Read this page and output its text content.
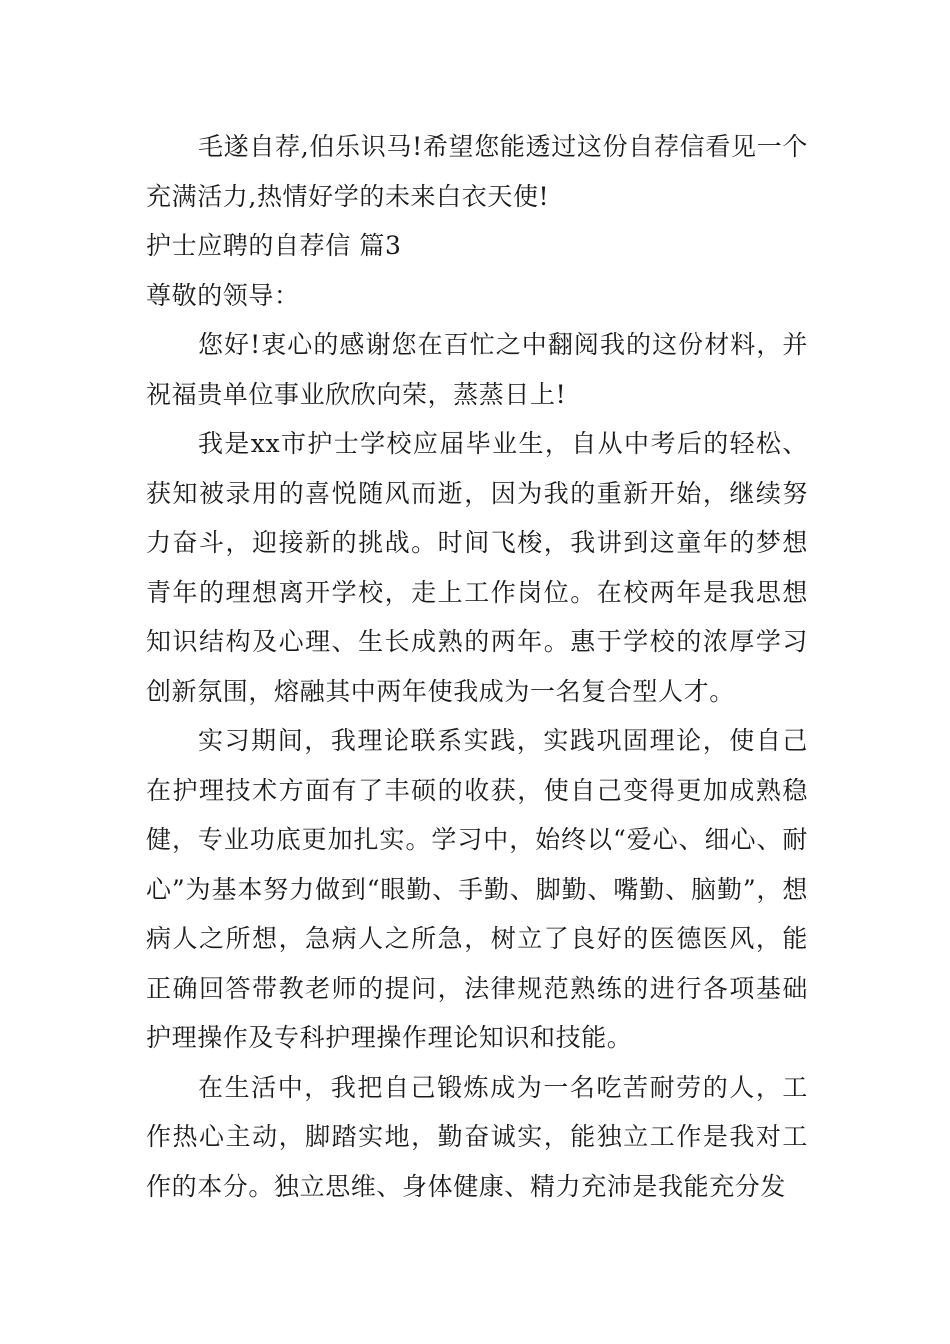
毛遂自荐,伯乐识马!希望您能透过这份自荐信看见一个充满活力,热情好学的未来白衣天使!

护士应聘的自荐信 篇3

尊敬的领导：

您好!衷心的感谢您在百忙之中翻阅我的这份材料，并祝福贵单位事业欣欣向荣，蒸蒸日上!

我是xx市护士学校应届毕业生，自从中考后的轻松、获知被录用的喜悦随风而逝，因为我的重新开始，继续努力奋斗，迎接新的挑战。时间飞梭，我讲到这童年的梦想青年的理想离开学校，走上工作岗位。在校两年是我思想知识结构及心理、生长成熟的两年。惠于学校的浓厚学习创新氛围，熔融其中两年使我成为一名复合型人才。

实习期间，我理论联系实践，实践巩固理论，使自己在护理技术方面有了丰硕的收获，使自己变得更加成熟稳健，专业功底更加扎实。学习中，始终以“爱心、细心、耐心”为基本努力做到“眼勤、手勤、脚勤、嘴勤、脑勤”，想病人之所想，急病人之所急，树立了良好的医德医风，能正确回答带教老师的提问，法律规范熟练的进行各项基础护理操作及专科护理操作理论知识和技能。

在生活中，我把自己锻炼成为一名吃苦耐劳的人，工作热心主动，脚踏实地，勤奋诚实，能独立工作是我对工作的本分。独立思维、身体健康、精力充沛是我能充分发
